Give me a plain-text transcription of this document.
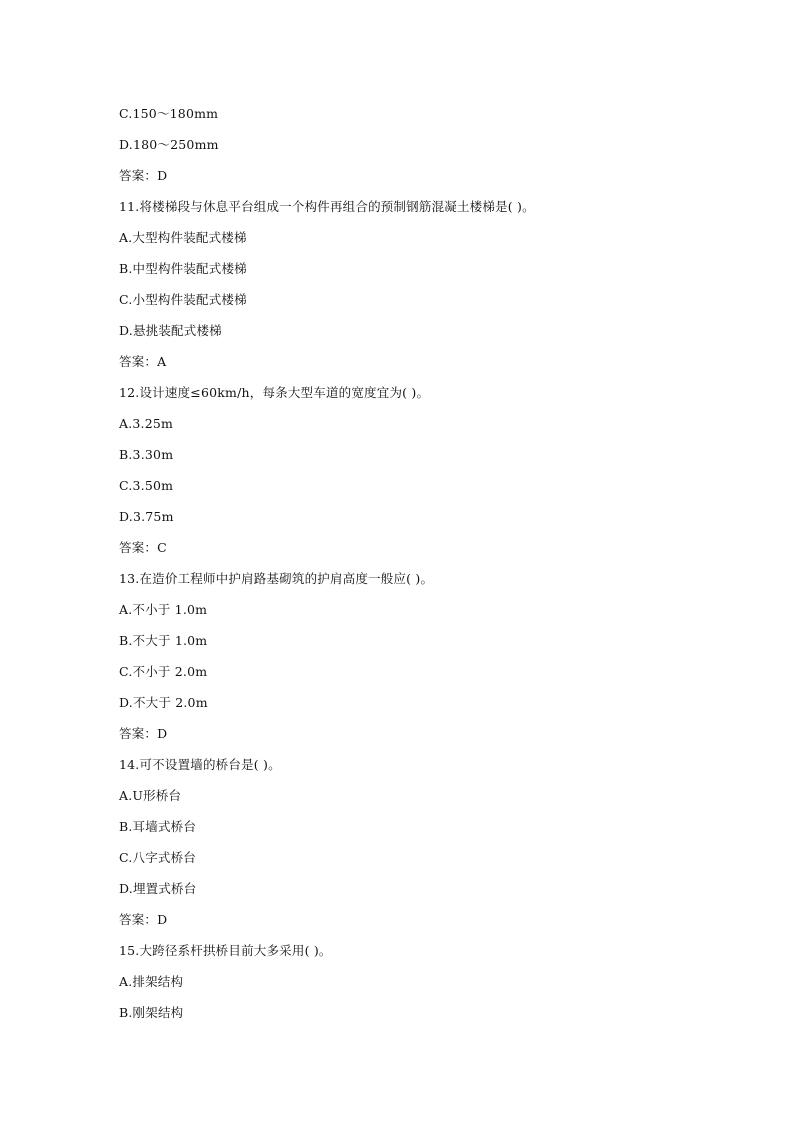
C.150～180mm
D.180～250mm
答案：D
11.将楼梯段与休息平台组成一个构件再组合的预制钢筋混凝土楼梯是( )。
A.大型构件装配式楼梯
B.中型构件装配式楼梯
C.小型构件装配式楼梯
D.悬挑装配式楼梯
答案：A
12.设计速度≤60km/h，每条大型车道的宽度宜为( )。
A.3.25m
B.3.30m
C.3.50m
D.3.75m
答案：C
13.在造价工程师中护肩路基砌筑的护肩高度一般应( )。
A.不小于 1.0m
B.不大于 1.0m
C.不小于 2.0m
D.不大于 2.0m
答案：D
14.可不设置墙的桥台是( )。
A.U形桥台
B.耳墙式桥台
C.八字式桥台
D.埋置式桥台
答案：D
15.大跨径系杆拱桥目前大多采用( )。
A.排架结构
B.刚架结构
